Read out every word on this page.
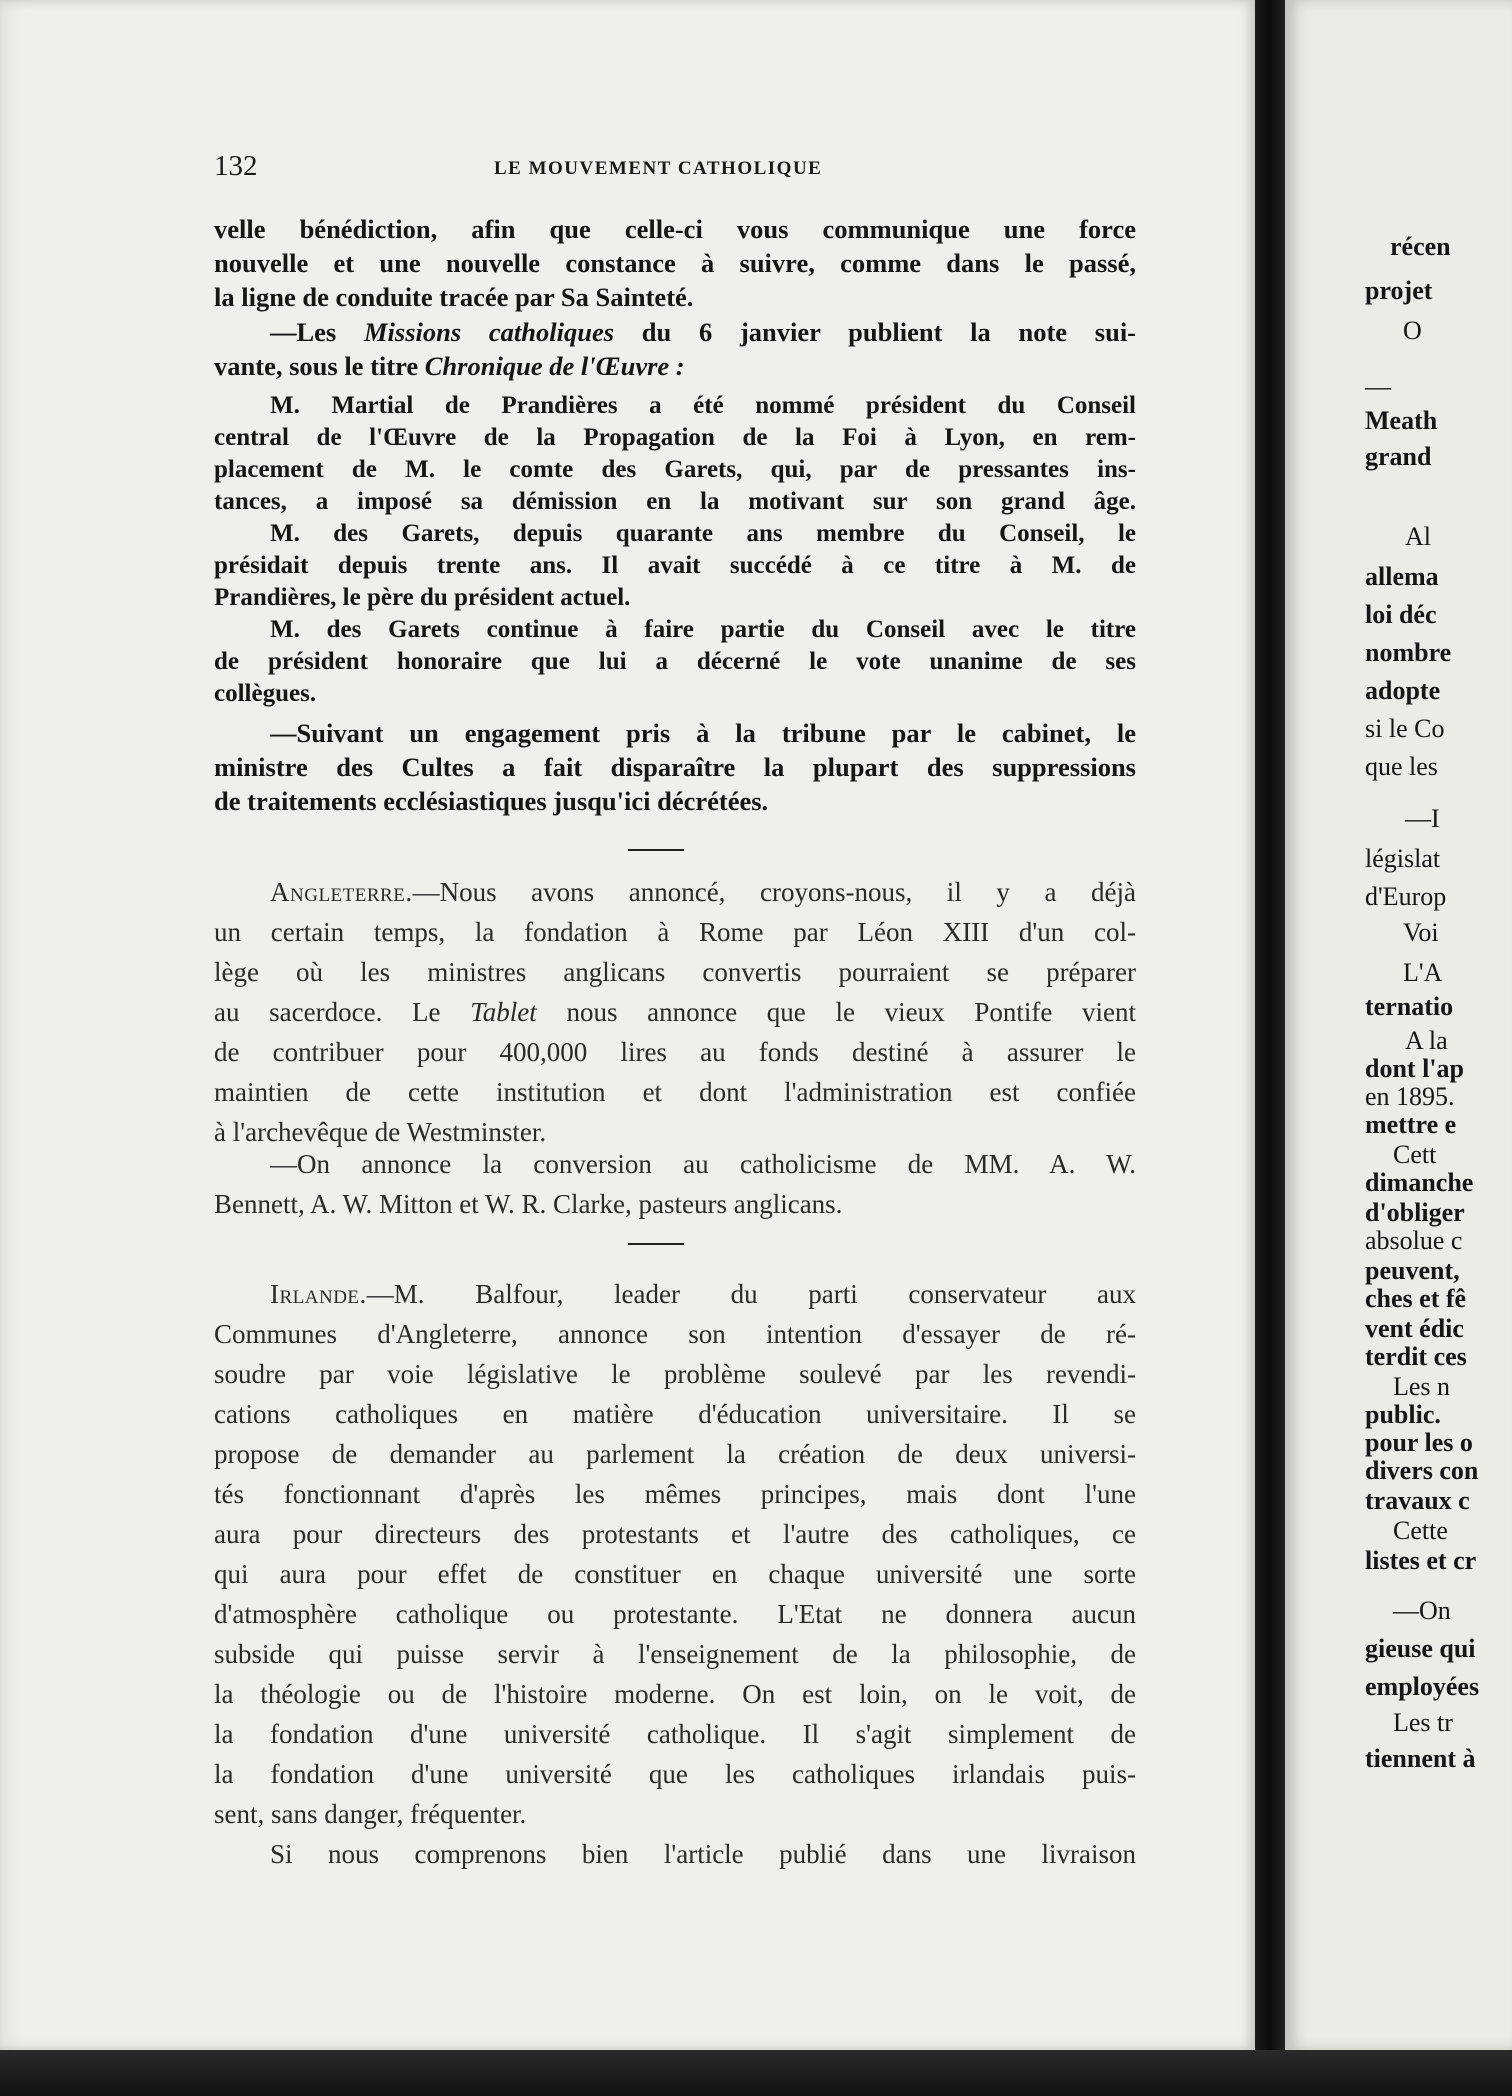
132	LE MOUVEMENT CATHOLIQUE
velle bénédiction, afin que celle-ci vous communique une force
nouvelle et une nouvelle constance à suivre, comme dans le passé,
la ligne de conduite tracée par Sa Sainteté.
—Les Missions catholiques du 6 janvier publient la note sui-
vante, sous le titre Chronique de l'Œuvre :
M. Martial de Prandières a été nommé président du Conseil
central de l'Œuvre de la Propagation de la Foi à Lyon, en rem-
placement de M. le comte des Garets, qui, par de pressantes ins-
tances, a imposé sa démission en la motivant sur son grand âge.
M. des Garets, depuis quarante ans membre du Conseil, le
présidait depuis trente ans. Il avait succédé à ce titre à M. de
Prandières, le père du président actuel.
M. des Garets continue à faire partie du Conseil avec le titre
de président honoraire que lui a décerné le vote unanime de ses
collègues.
—Suivant un engagement pris à la tribune par le cabinet, le
ministre des Cultes a fait disparaître la plupart des suppressions
de traitements ecclésiastiques jusqu'ici décrétées.
Angleterre.—Nous avons annoncé, croyons-nous, il y a déjà
un certain temps, la fondation à Rome par Léon XIII d'un col-
lège où les ministres anglicans convertis pourraient se préparer
au sacerdoce. Le Tablet nous annonce que le vieux Pontife vient
de contribuer pour 400,000 lires au fonds destiné à assurer le
maintien de cette institution et dont l'administration est confiée
à l'archevêque de Westminster.
—On annonce la conversion au catholicisme de MM. A. W.
Bennett, A. W. Mitton et W. R. Clarke, pasteurs anglicans.
Irlande.—M. Balfour, leader du parti conservateur aux
Communes d'Angleterre, annonce son intention d'essayer de ré-
soudre par voie législative le problème soulevé par les revendi-
cations catholiques en matière d'éducation universitaire. Il se
propose de demander au parlement la création de deux universi-
tés fonctionnant d'après les mêmes principes, mais dont l'une
aura pour directeurs des protestants et l'autre des catholiques, ce
qui aura pour effet de constituer en chaque université une sorte
d'atmosphère catholique ou protestante. L'Etat ne donnera aucun
subside qui puisse servir à l'enseignement de la philosophie, de
la théologie ou de l'histoire moderne. On est loin, on le voit, de
la fondation d'une université catholique. Il s'agit simplement de
la fondation d'une université que les catholiques irlandais puis-
sent, sans danger, fréquenter.
Si nous comprenons bien l'article publié dans une livraison
récen
projet
O
—
Meath
grand
Al
allema
loi déc
nombre
adopte
si le Co
que les
—I
législat
d'Europ
Voi
L'A
ternatio
A la
dont l'ap
en 1895.
mettre e
Cett
dimanche
d'obliger
absolue c
peuvent,
ches et fê
vent édic
terdit ces
Les n
public.
pour les o
divers con
travaux c
Cette
listes et cr
—On
gieuse qui
employées
Les tr
tiennent à
